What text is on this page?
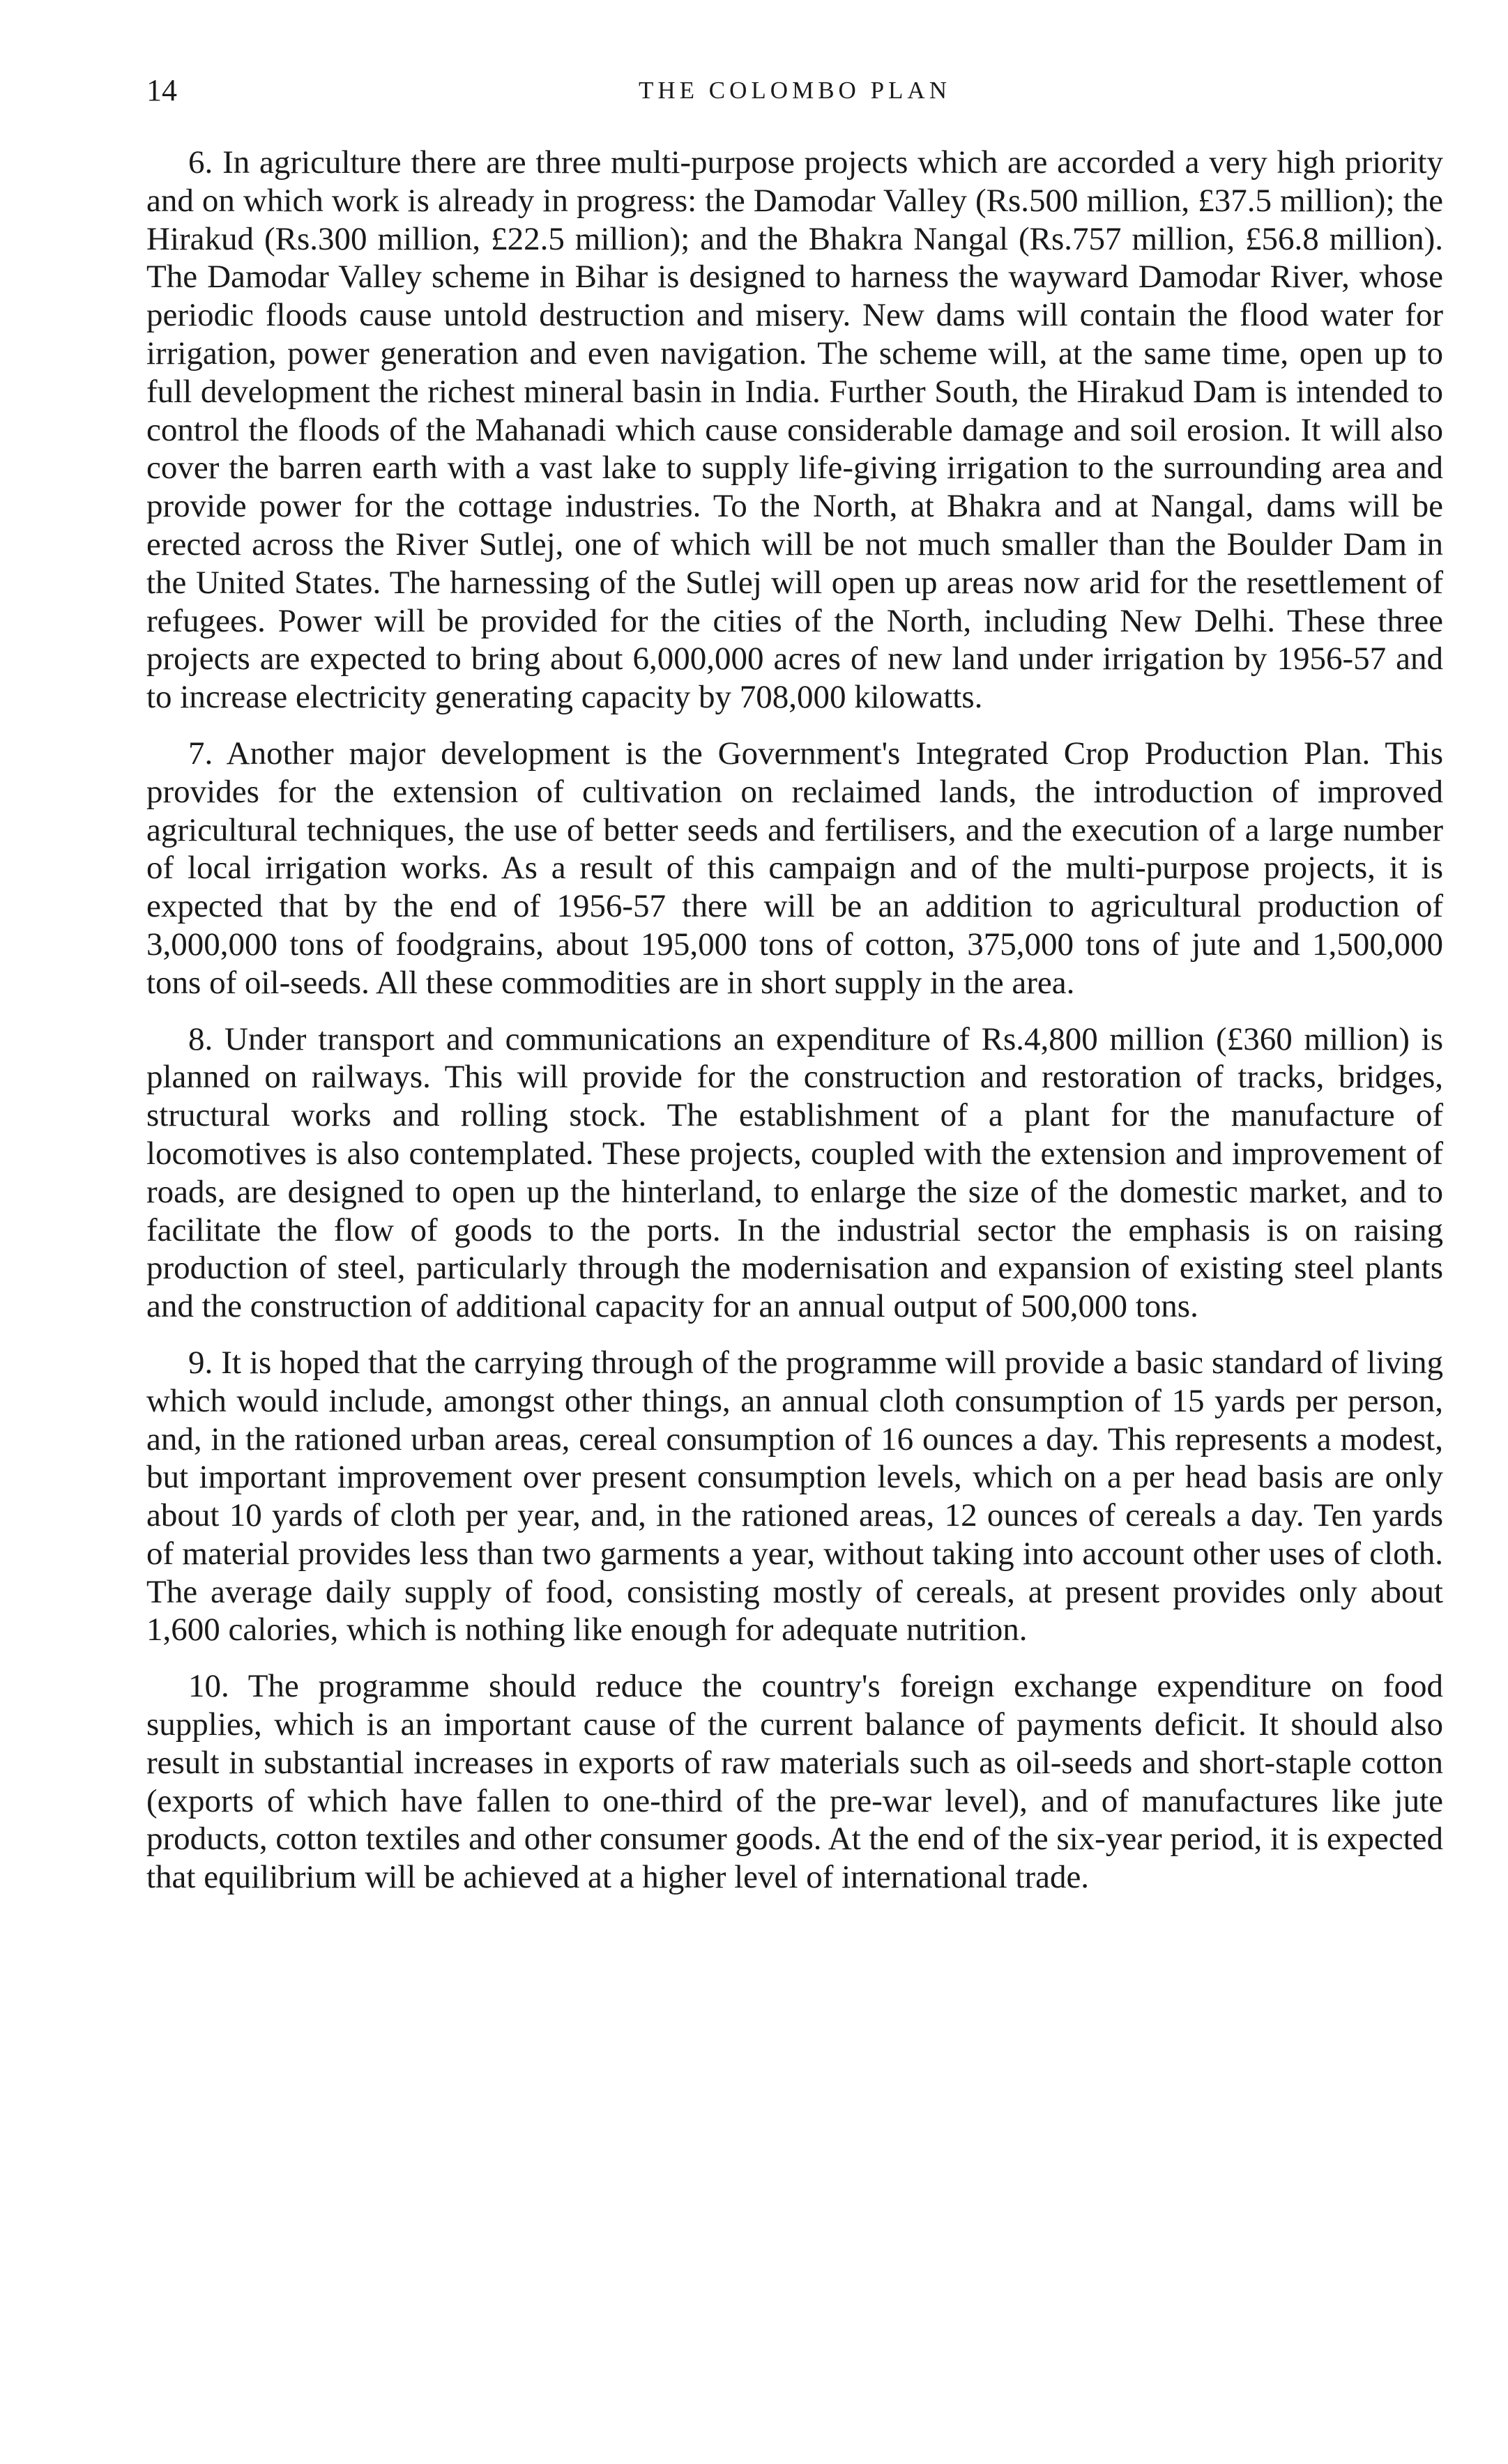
14	THE COLOMBO PLAN

6. In agriculture there are three multi-purpose projects which are accorded a very high priority and on which work is already in progress: the Damodar Valley (Rs.500 million, £37.5 million); the Hirakud (Rs.300 million, £22.5 million); and the Bhakra Nangal (Rs.757 million, £56.8 million). The Damodar Valley scheme in Bihar is designed to harness the wayward Damodar River, whose periodic floods cause untold destruction and misery. New dams will contain the flood water for irrigation, power generation and even navigation. The scheme will, at the same time, open up to full development the richest mineral basin in India. Further South, the Hirakud Dam is intended to control the floods of the Mahanadi which cause considerable damage and soil erosion. It will also cover the barren earth with a vast lake to supply life-giving irrigation to the surrounding area and provide power for the cottage industries. To the North, at Bhakra and at Nangal, dams will be erected across the River Sutlej, one of which will be not much smaller than the Boulder Dam in the United States. The harnessing of the Sutlej will open up areas now arid for the resettlement of refugees. Power will be provided for the cities of the North, including New Delhi. These three projects are expected to bring about 6,000,000 acres of new land under irrigation by 1956-57 and to increase electricity generating capacity by 708,000 kilowatts.

7. Another major development is the Government's Integrated Crop Production Plan. This provides for the extension of cultivation on reclaimed lands, the introduction of improved agricultural techniques, the use of better seeds and fertilisers, and the execution of a large number of local irrigation works. As a result of this campaign and of the multi-purpose projects, it is expected that by the end of 1956-57 there will be an addition to agricultural production of 3,000,000 tons of foodgrains, about 195,000 tons of cotton, 375,000 tons of jute and 1,500,000 tons of oil-seeds. All these commodities are in short supply in the area.

8. Under transport and communications an expenditure of Rs.4,800 million (£360 million) is planned on railways. This will provide for the construction and restoration of tracks, bridges, structural works and rolling stock. The establishment of a plant for the manufacture of locomotives is also contemplated. These projects, coupled with the extension and improvement of roads, are designed to open up the hinterland, to enlarge the size of the domestic market, and to facilitate the flow of goods to the ports. In the industrial sector the emphasis is on raising production of steel, particularly through the modernisation and expansion of existing steel plants and the construction of additional capacity for an annual output of 500,000 tons.

9. It is hoped that the carrying through of the programme will provide a basic standard of living which would include, amongst other things, an annual cloth consumption of 15 yards per person, and, in the rationed urban areas, cereal consumption of 16 ounces a day. This represents a modest, but important improvement over present consumption levels, which on a per head basis are only about 10 yards of cloth per year, and, in the rationed areas, 12 ounces of cereals a day. Ten yards of material provides less than two garments a year, without taking into account other uses of cloth. The average daily supply of food, consisting mostly of cereals, at present provides only about 1,600 calories, which is nothing like enough for adequate nutrition.

10. The programme should reduce the country's foreign exchange expenditure on food supplies, which is an important cause of the current balance of payments deficit. It should also result in substantial increases in exports of raw materials such as oil-seeds and short-staple cotton (exports of which have fallen to one-third of the pre-war level), and of manufactures like jute products, cotton textiles and other consumer goods. At the end of the six-year period, it is expected that equilibrium will be achieved at a higher level of international trade.
